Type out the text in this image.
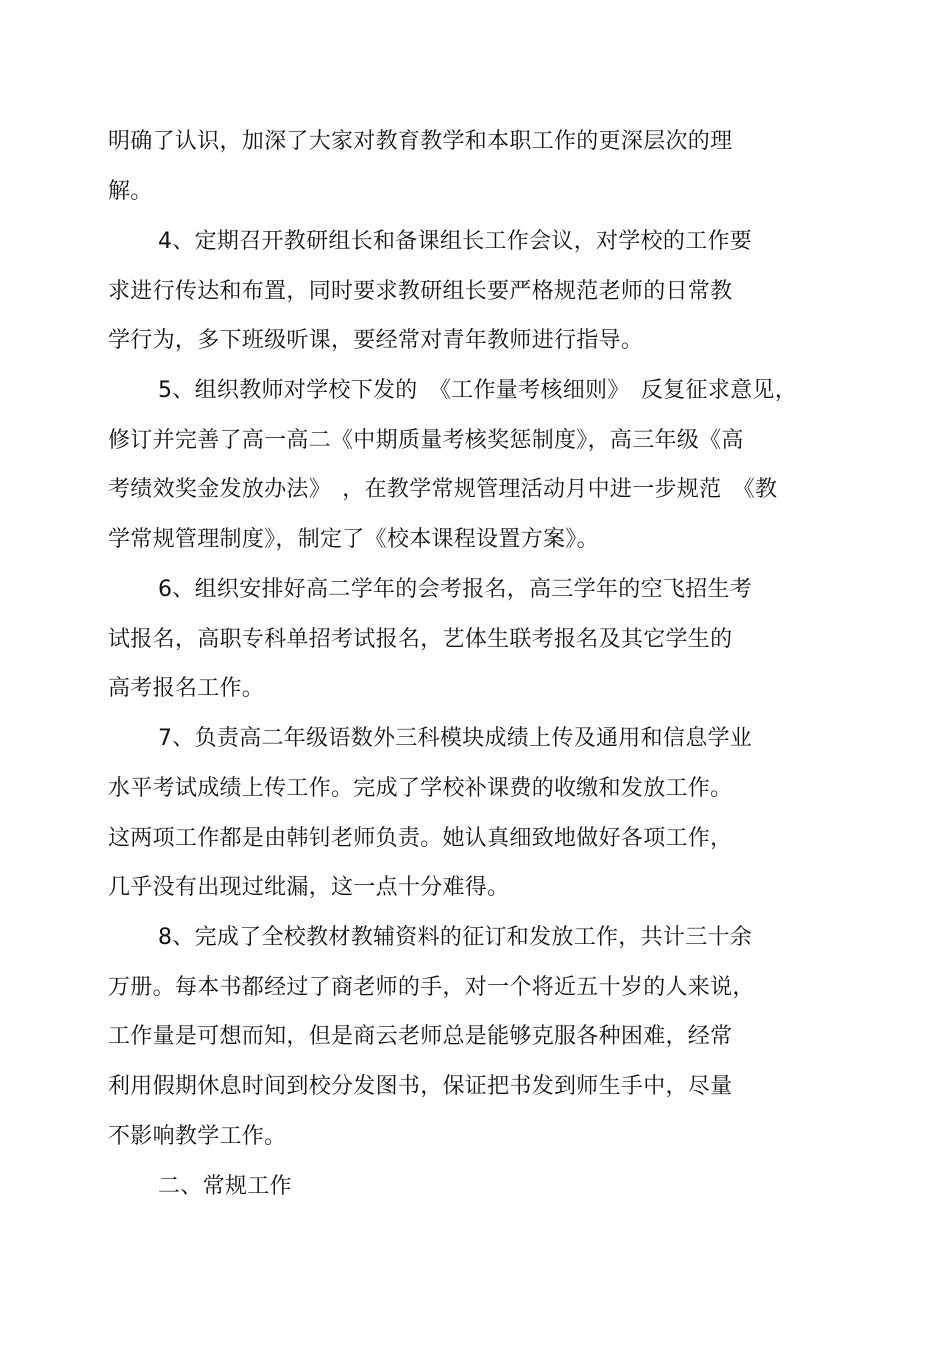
明确了认识，加深了大家对教育教学和本职工作的更深层次的理
解。
4、定期召开教研组长和备课组长工作会议，对学校的工作要
求进行传达和布置，同时要求教研组长要严格规范老师的日常教
学行为，多下班级听课，要经常对青年教师进行指导。
5、组织教师对学校下发的　《工作量考核细则》　反复征求意见，
修订并完善了高一高二《中期质量考核奖惩制度》，高三年级《高
考绩效奖金发放办法》　，在教学常规管理活动月中进一步规范　《教
学常规管理制度》，制定了《校本课程设置方案》。
6、组织安排好高二学年的会考报名，高三学年的空飞招生考
试报名，高职专科单招考试报名，艺体生联考报名及其它学生的
高考报名工作。
7、负责高二年级语数外三科模块成绩上传及通用和信息学业
水平考试成绩上传工作。完成了学校补课费的收缴和发放工作。
这两项工作都是由韩钊老师负责。她认真细致地做好各项工作，
几乎没有出现过纰漏，这一点十分难得。
8、完成了全校教材教辅资料的征订和发放工作，共计三十余
万册。每本书都经过了商老师的手，对一个将近五十岁的人来说，
工作量是可想而知，但是商云老师总是能够克服各种困难，经常
利用假期休息时间到校分发图书，保证把书发到师生手中，尽量
不影响教学工作。
二、常规工作
